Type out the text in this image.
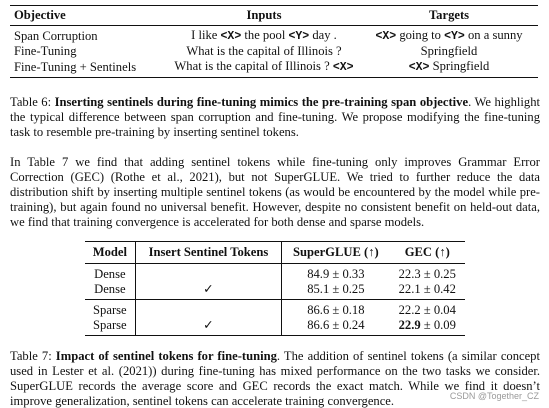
Objective	Inputs	Targets
Span Corruption	I like <X> the pool <Y> day .	<X> going to <Y> on a sunny
Fine-Tuning	What is the capital of Illinois ?	Springfield
Fine-Tuning + Sentinels	What is the capital of Illinois ? <X>	<X> Springfield

Table 6: Inserting sentinels during fine-tuning mimics the pre-training span objective. We highlight the typical difference between span corruption and fine-tuning. We propose modifying the fine-tuning task to resemble pre-training by inserting sentinel tokens.

In Table 7 we find that adding sentinel tokens while fine-tuning only improves Grammar Error Correction (GEC) (Rothe et al., 2021), but not SuperGLUE. We tried to further reduce the data distribution shift by inserting multiple sentinel tokens (as would be encountered by the model while pre-training), but again found no universal benefit. However, despite no consistent benefit on held-out data, we find that training convergence is accelerated for both dense and sparse models.

Model	Insert Sentinel Tokens	SuperGLUE (↑)	GEC (↑)
Dense		84.9 ± 0.33	22.3 ± 0.25
Dense	✓	85.1 ± 0.25	22.1 ± 0.42
Sparse		86.6 ± 0.18	22.2 ± 0.04
Sparse	✓	86.6 ± 0.24	22.9 ± 0.09

Table 7: Impact of sentinel tokens for fine-tuning. The addition of sentinel tokens (a similar concept used in Lester et al. (2021)) during fine-tuning has mixed performance on the two tasks we consider. SuperGLUE records the average score and GEC records the exact match. While we find it doesn’t improve generalization, sentinel tokens can accelerate training convergence.	CSDN @Together_CZ
